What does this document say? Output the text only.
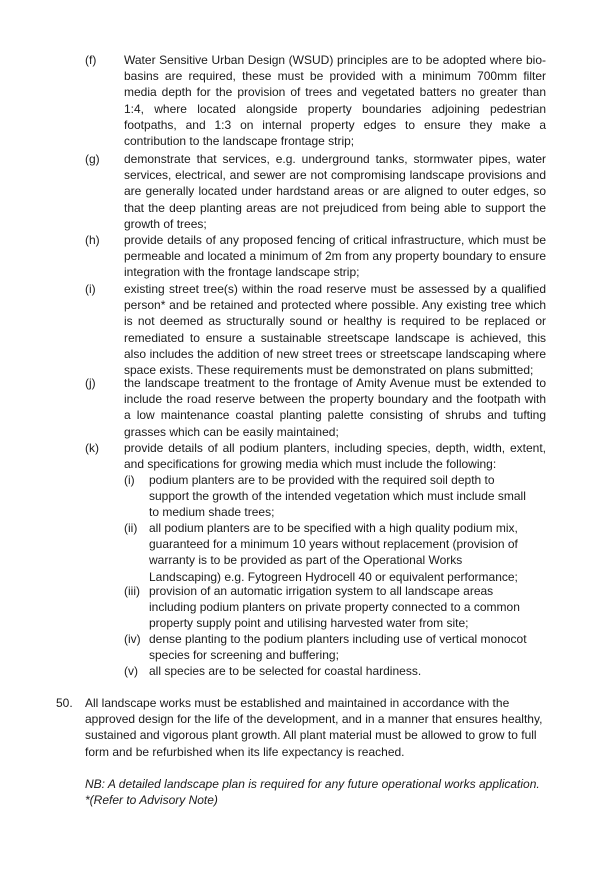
(f) Water Sensitive Urban Design (WSUD) principles are to be adopted where bio-basins are required, these must be provided with a minimum 700mm filter media depth for the provision of trees and vegetated batters no greater than 1:4, where located alongside property boundaries adjoining pedestrian footpaths, and 1:3 on internal property edges to ensure they make a contribution to the landscape frontage strip;
(g) demonstrate that services, e.g. underground tanks, stormwater pipes, water services, electrical, and sewer are not compromising landscape provisions and are generally located under hardstand areas or are aligned to outer edges, so that the deep planting areas are not prejudiced from being able to support the growth of trees;
(h) provide details of any proposed fencing of critical infrastructure, which must be permeable and located a minimum of 2m from any property boundary to ensure integration with the frontage landscape strip;
(i) existing street tree(s) within the road reserve must be assessed by a qualified person* and be retained and protected where possible. Any existing tree which is not deemed as structurally sound or healthy is required to be replaced or remediated to ensure a sustainable streetscape landscape is achieved, this also includes the addition of new street trees or streetscape landscaping where space exists. These requirements must be demonstrated on plans submitted;
(j) the landscape treatment to the frontage of Amity Avenue must be extended to include the road reserve between the property boundary and the footpath with a low maintenance coastal planting palette consisting of shrubs and tufting grasses which can be easily maintained;
(k) provide details of all podium planters, including species, depth, width, extent, and specifications for growing media which must include the following:
(i) podium planters are to be provided with the required soil depth to support the growth of the intended vegetation which must include small to medium shade trees;
(ii) all podium planters are to be specified with a high quality podium mix, guaranteed for a minimum 10 years without replacement (provision of warranty is to be provided as part of the Operational Works Landscaping) e.g. Fytogreen Hydrocell 40 or equivalent performance;
(iii) provision of an automatic irrigation system to all landscape areas including podium planters on private property connected to a common property supply point and utilising harvested water from site;
(iv) dense planting to the podium planters including use of vertical monocot species for screening and buffering;
(v) all species are to be selected for coastal hardiness.
50. All landscape works must be established and maintained in accordance with the approved design for the life of the development, and in a manner that ensures healthy, sustained and vigorous plant growth. All plant material must be allowed to grow to full form and be refurbished when its life expectancy is reached.
NB: A detailed landscape plan is required for any future operational works application.
*(Refer to Advisory Note)
